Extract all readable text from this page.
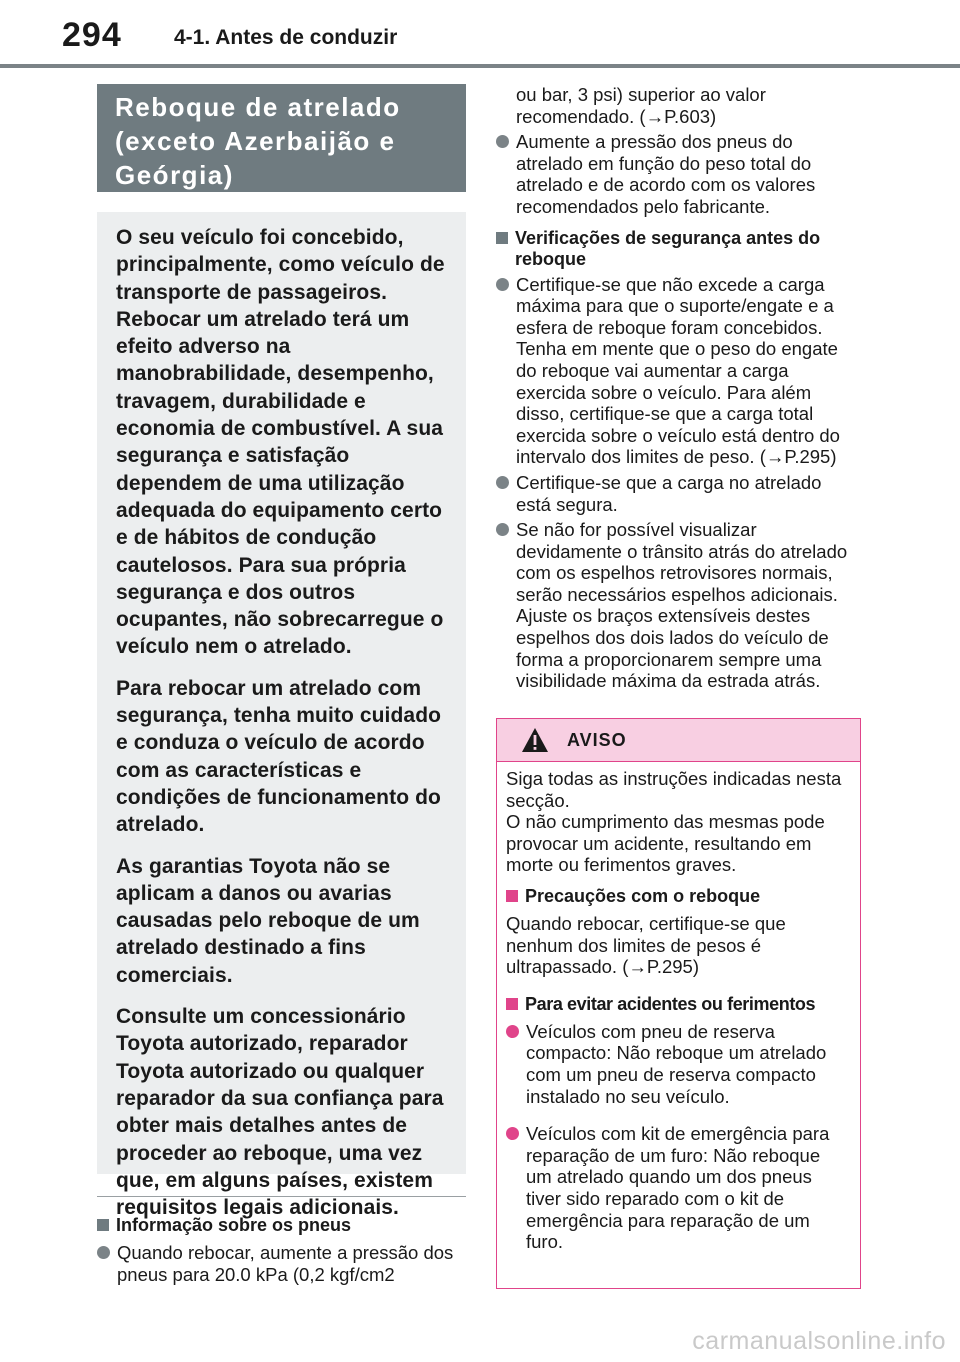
294 4-1. Antes de conduzir
Reboque de atrelado
(exceto Azerbaijão e
Geórgia)

O seu veículo foi concebido, principalmente, como veículo de transporte de passageiros. Rebocar um atrelado terá um efeito adverso na manobrabilidade, desempenho, travagem, durabilidade e economia de combustível. A sua segurança e satisfação dependem de uma utilização adequada do equipamento certo e de hábitos de condução cautelosos. Para sua própria segurança e dos outros ocupantes, não sobrecarregue o veículo nem o atrelado.

Para rebocar um atrelado com segurança, tenha muito cuidado e conduza o veículo de acordo com as características e condições de funcionamento do atrelado.

As garantias Toyota não se aplicam a danos ou avarias causadas pelo reboque de um atrelado destinado a fins comerciais.

Consulte um concessionário Toyota autorizado, reparador Toyota autorizado ou qualquer reparador da sua confiança para obter mais detalhes antes de proceder ao reboque, uma vez que, em alguns países, existem requisitos legais adicionais.

Informação sobre os pneus
Quando rebocar, aumente a pressão dos pneus para 20.0 kPa (0,2 kgf/cm2
ou bar, 3 psi) superior ao valor recomendado. (→P.603)
Aumente a pressão dos pneus do atrelado em função do peso total do atrelado e de acordo com os valores recomendados pelo fabricante.
Verificações de segurança antes do reboque
Certifique-se que não excede a carga máxima para que o suporte/engate e a esfera de reboque foram concebidos. Tenha em mente que o peso do engate do reboque vai aumentar a carga exercida sobre o veículo. Para além disso, certifique-se que a carga total exercida sobre o veículo está dentro do intervalo dos limites de peso. (→P.295)
Certifique-se que a carga no atrelado está segura.
Se não for possível visualizar devidamente o trânsito atrás do atrelado com os espelhos retrovisores normais, serão necessários espelhos adicionais. Ajuste os braços extensíveis destes espelhos dos dois lados do veículo de forma a proporcionarem sempre uma visibilidade máxima da estrada atrás.
AVISO

Siga todas as instruções indicadas nesta secção.

O não cumprimento das mesmas pode provocar um acidente, resultando em morte ou ferimentos graves.

Precauções com o reboque

Quando rebocar, certifique-se que nenhum dos limites de pesos é ultrapassado. (→P.295)

Para evitar acidentes ou ferimentos
Veículos com pneu de reserva compacto: Não reboque um atrelado com um pneu de reserva compacto instalado no seu veículo.
Veículos com kit de emergência para reparação de um furo: Não reboque um atrelado quando um dos pneus tiver sido reparado com o kit de emergência para reparação de um furo.
carmanualsonline.info
